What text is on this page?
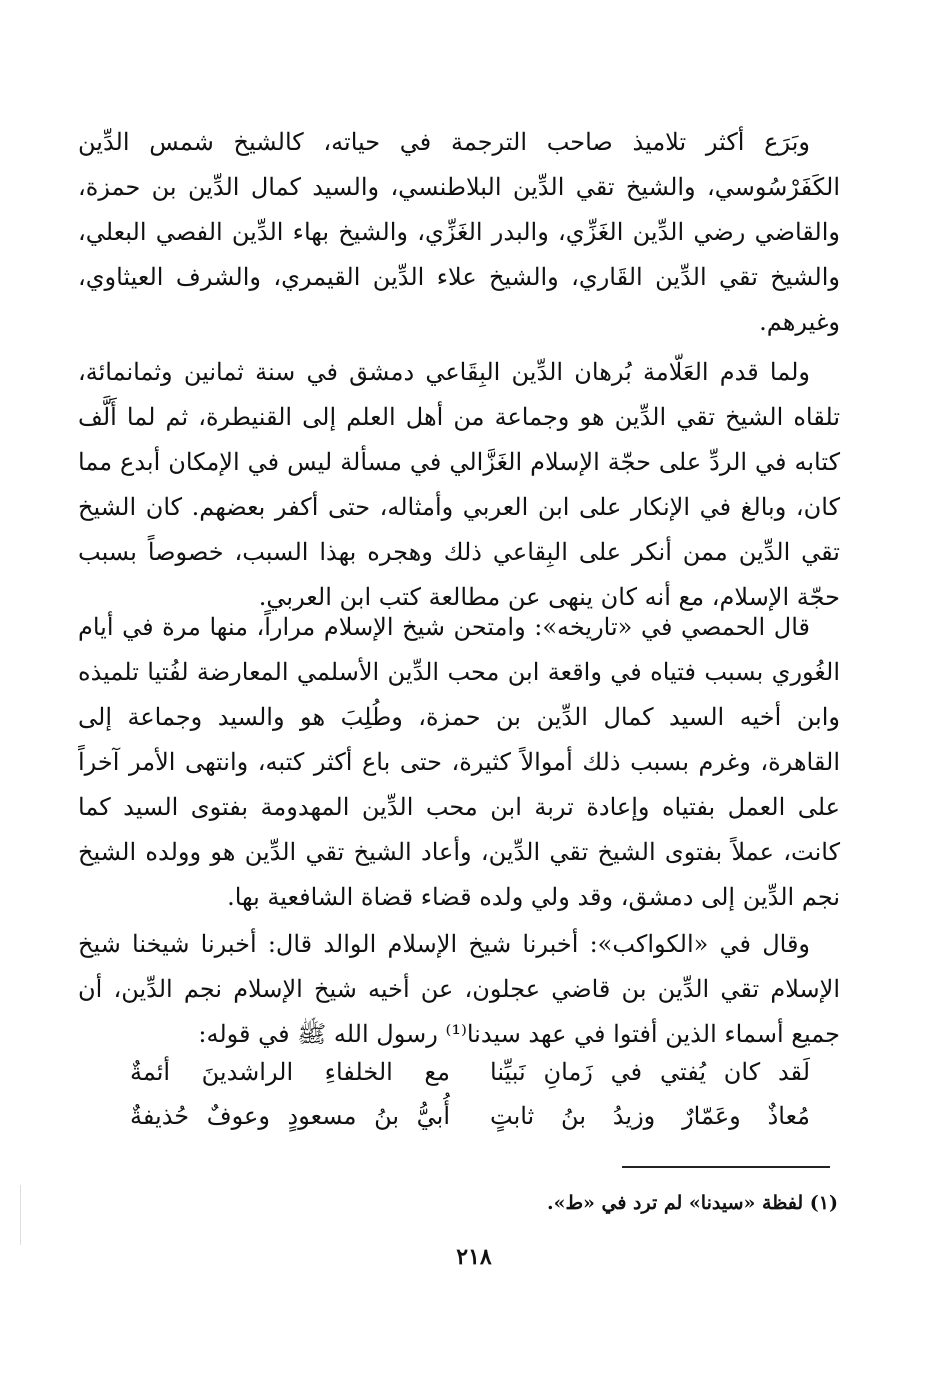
وبَرَع أكثر تلاميذ صاحب الترجمة في حياته، كالشيخ شمس الدِّين الكَفَرْسُوسي، والشيخ تقي الدِّين البلاطنسي، والسيد كمال الدِّين بن حمزة، والقاضي رضي الدِّين الغَزِّي، والبدر الغَزِّي، والشيخ بهاء الدِّين الفصي البعلي، والشيخ تقي الدِّين القَاري، والشيخ علاء الدِّين القيمري، والشرف العيثاوي، وغيرهم.

ولما قدم العَلّامة بُرهان الدِّين البِقَاعي دمشق في سنة ثمانين وثمانمائة، تلقاه الشيخ تقي الدِّين هو وجماعة من أهل العلم إلى القنيطرة، ثم لما أَلَّف كتابه في الردِّ على حجّة الإسلام الغَزَّالي في مسألة ليس في الإمكان أبدع مما كان، وبالغ في الإنكار على ابن العربي وأمثاله، حتى أكفر بعضهم. كان الشيخ تقي الدِّين ممن أنكر على البِقاعي ذلك وهجره بهذا السبب، خصوصاً بسبب حجّة الإسلام، مع أنه كان ينهى عن مطالعة كتب ابن العربي.

قال الحمصي في «تاريخه»: وامتحن شيخ الإسلام مراراً، منها مرة في أيام الغُوري بسبب فتياه في واقعة ابن محب الدِّين الأسلمي المعارضة لفُتيا تلميذه وابن أخيه السيد كمال الدِّين بن حمزة، وطُلِبَ هو والسيد وجماعة إلى القاهرة، وغرم بسبب ذلك أموالاً كثيرة، حتى باع أكثر كتبه، وانتهى الأمر آخراً على العمل بفتياه وإعادة تربة ابن محب الدِّين المهدومة بفتوى السيد كما كانت، عملاً بفتوى الشيخ تقي الدِّين، وأعاد الشيخ تقي الدِّين هو وولده الشيخ نجم الدِّين إلى دمشق، وقد ولي ولده قضاء قضاة الشافعية بها.

وقال في «الكواكب»: أخبرنا شيخ الإسلام الوالد قال: أخبرنا شيخنا شيخ الإسلام تقي الدِّين بن قاضي عجلون، عن أخيه شيخ الإسلام نجم الدِّين، أن جميع أسماء الذين أفتوا في عهد سيدنا⁽¹⁾ رسول الله ﷺ في قوله:

لَقد كان يُفتي في زَمانِ نَبيِّنا
مع الخلفاءِ الراشدينَ أئمةٌ
مُعاذٌ وعَمّارٌ وزيدُ بنُ ثابتٍ
أُبيُّ بنُ مسعودٍ وعوفٌ حُذيفةٌ
(١) لفظة «سيدنا» لم ترد في «ط».
٢١٨
